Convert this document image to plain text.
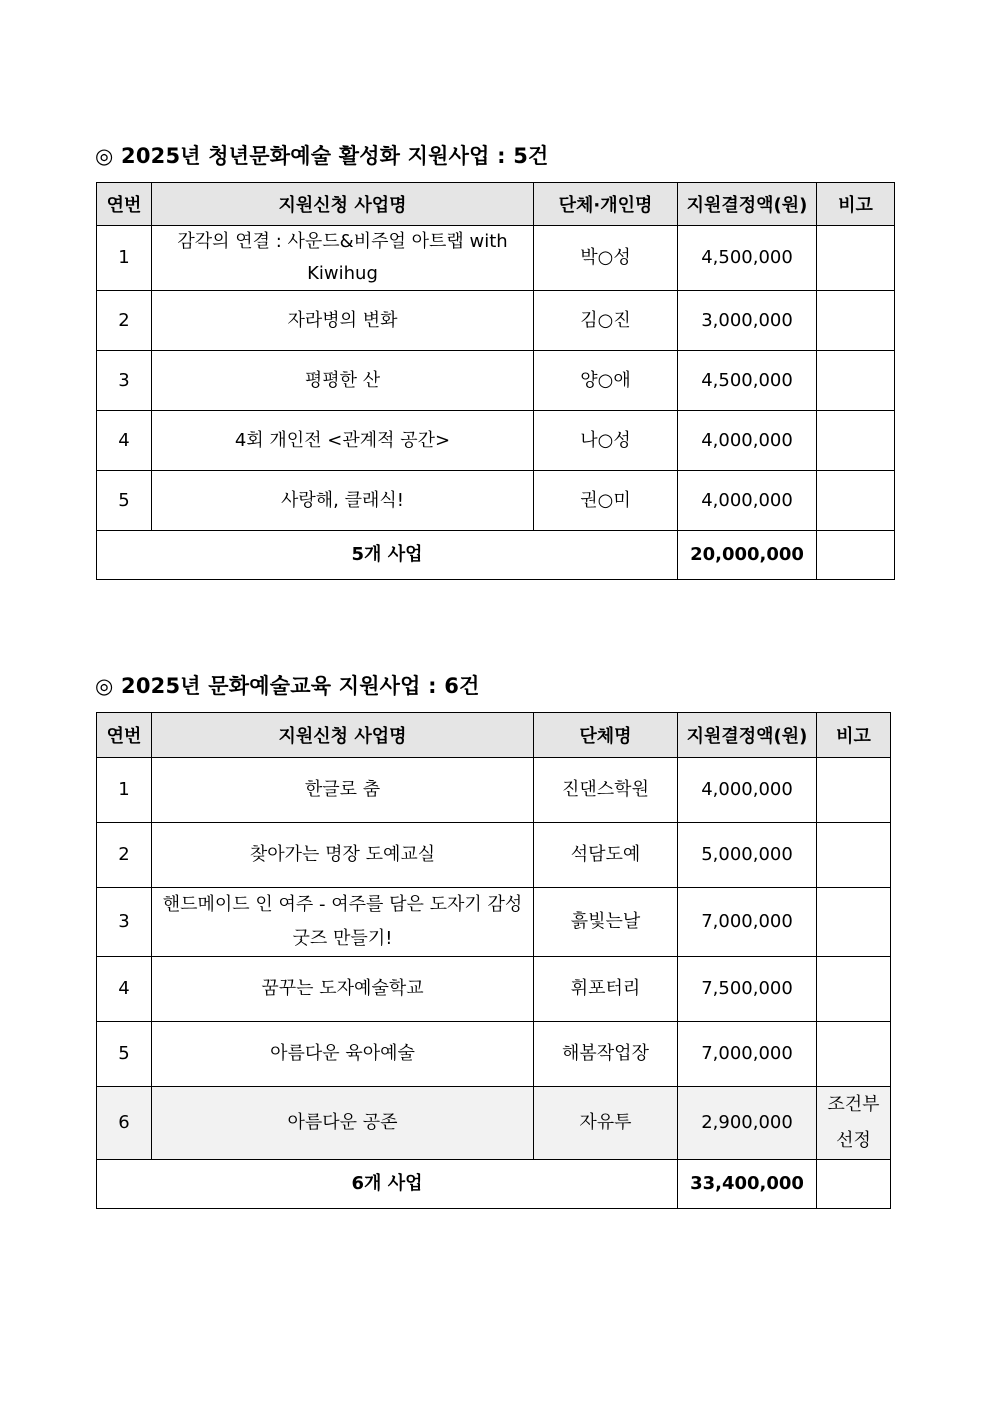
◎ 2025년 청년문화예술 활성화 지원사업 : 5건
연번	지원신청 사업명	단체·개인명	지원결정액(원)	비고
1	감각의 연결 : 사운드&비주얼 아트랩 with Kiwihug	박○성	4,500,000	
2	자라병의 변화	김○진	3,000,000	
3	평평한 산	양○애	4,500,000	
4	4회 개인전 <관계적 공간>	나○성	4,000,000	
5	사랑해, 클래식!	권○미	4,000,000	
5개 사업			20,000,000	
◎ 2025년 문화예술교육 지원사업 : 6건
연번	지원신청 사업명	단체명	지원결정액(원)	비고
1	한글로 춤	진댄스학원	4,000,000	
2	찾아가는 명장 도예교실	석담도예	5,000,000	
3	핸드메이드 인 여주 - 여주를 담은 도자기 감성 굿즈 만들기!	흙빛는날	7,000,000	
4	꿈꾸는 도자예술학교	휘포터리	7,500,000	
5	아름다운 육아예술	해봄작업장	7,000,000	
6	아름다운 공존	자유투	2,900,000	조건부 선정
6개 사업			33,400,000	
